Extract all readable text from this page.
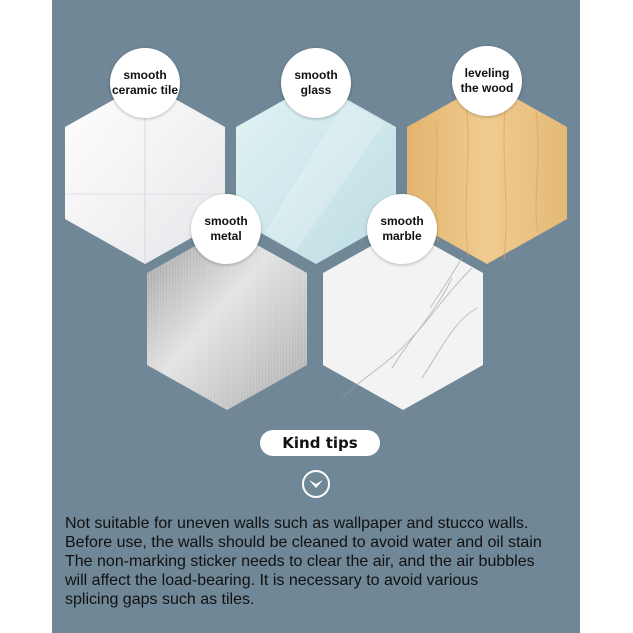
smooth
ceramic tile
smooth
glass
leveling
the wood
smooth
metal
smooth
marble
Kind tips

Not suitable for uneven walls such as wallpaper and stucco walls.
Before use, the walls should be cleaned to avoid water and oil stain
The non-marking sticker needs to clear the air, and the air bubbles
will affect the load-bearing. It is necessary to avoid various
splicing gaps such as tiles.
